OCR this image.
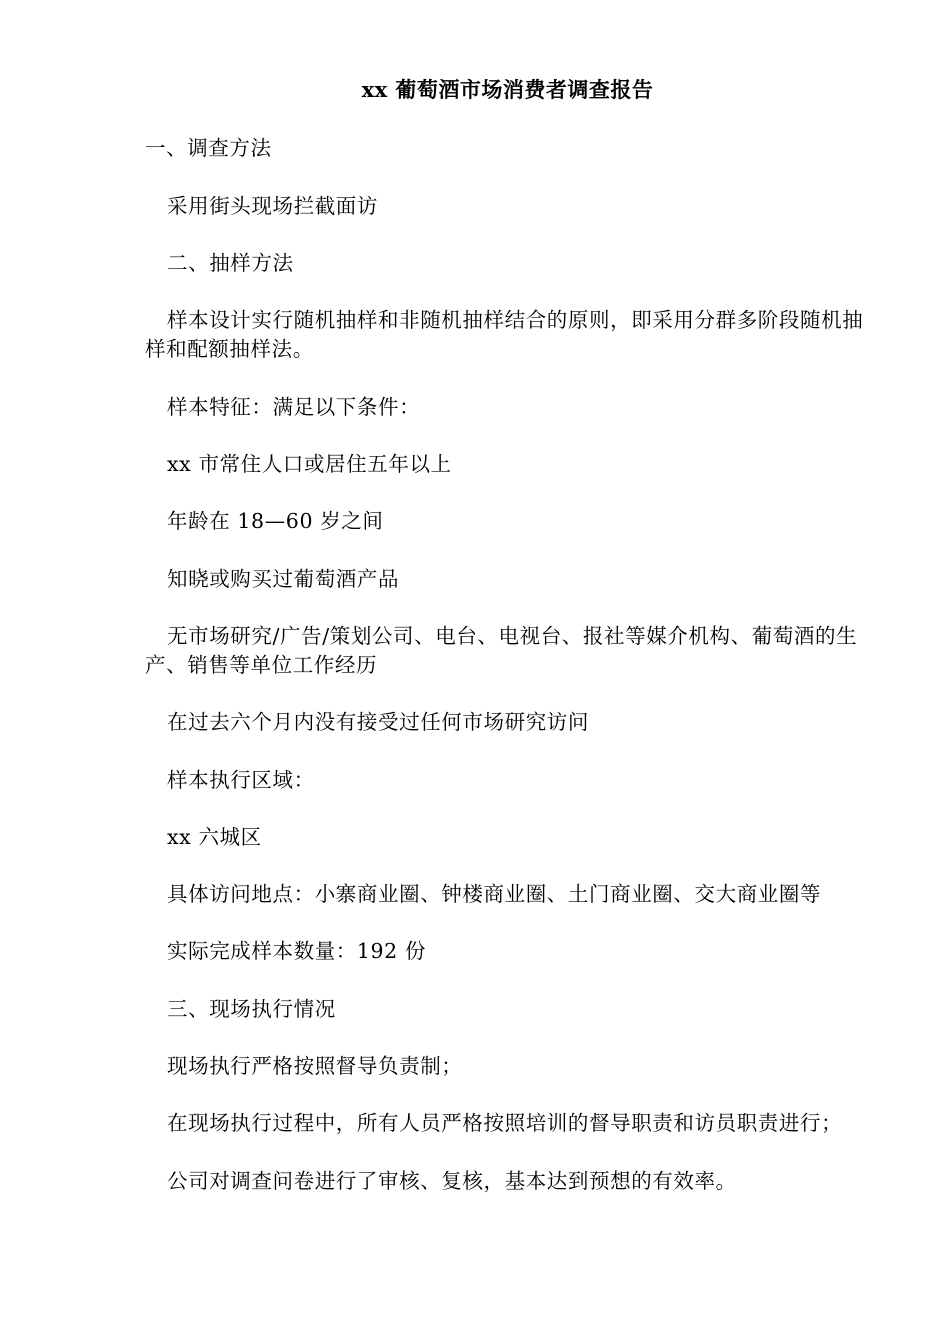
xx 葡萄酒市场消费者调查报告

一、调查方法

采用街头现场拦截面访

二、抽样方法

样本设计实行随机抽样和非随机抽样结合的原则，即采用分群多阶段随机抽样和配额抽样法。

样本特征：满足以下条件：

xx 市常住人口或居住五年以上

年龄在 18—60 岁之间

知晓或购买过葡萄酒产品

无市场研究/广告/策划公司、电台、电视台、报社等媒介机构、葡萄酒的生产、销售等单位工作经历

在过去六个月内没有接受过任何市场研究访问

样本执行区域：

xx 六城区

具体访问地点：小寨商业圈、钟楼商业圈、土门商业圈、交大商业圈等

实际完成样本数量：192 份

三、现场执行情况

现场执行严格按照督导负责制；

在现场执行过程中，所有人员严格按照培训的督导职责和访员职责进行；

公司对调查问卷进行了审核、复核，基本达到预想的有效率。
